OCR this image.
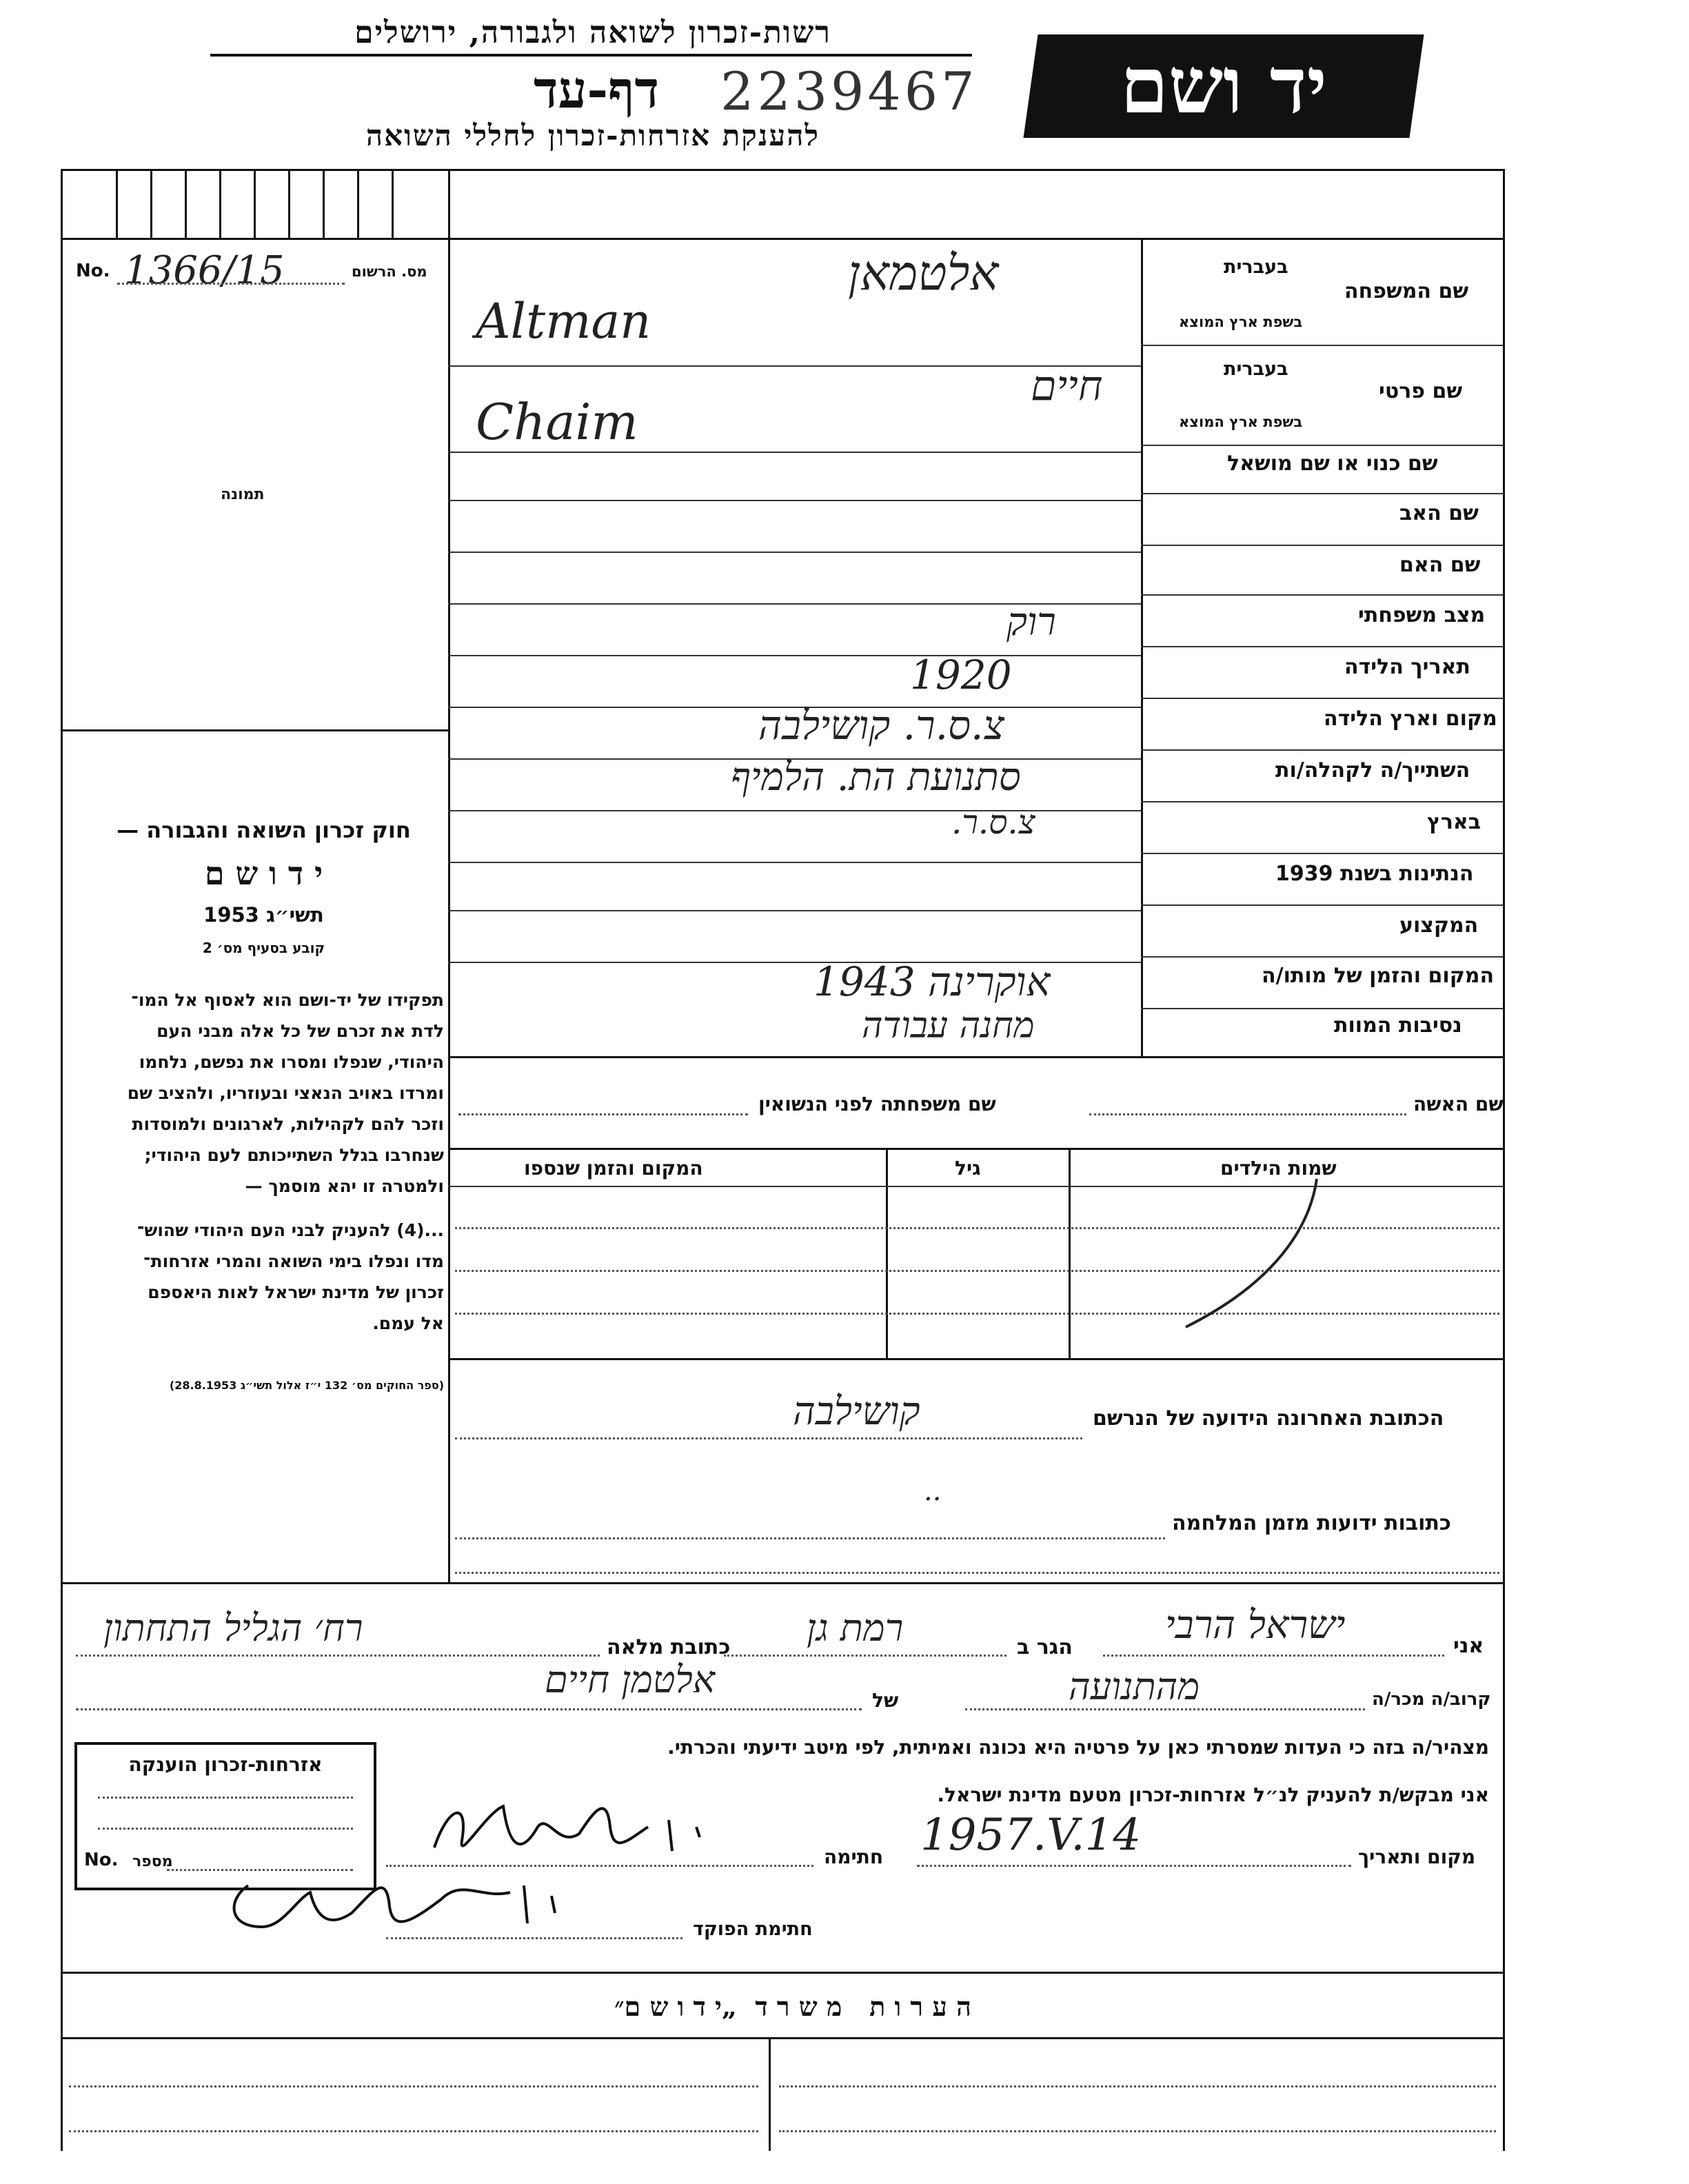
רשות-זכרון לשואה ולגבורה, ירושלים
דף-עד	2239467
להענקת אזרחות-זכרון לחללי השואה
יד ושם
No. 1366/15	מס. הרשום
תמונה
חוק זכרון השואה והגבורה —
י ד ו ש ם
תשי״ג 1953
קובע בסעיף מס׳ 2
תפקידו של יד-ושם הוא לאסוף אל המו־
לדת את זכרם של כל אלה מבני העם
היהודי, שנפלו ומסרו את נפשם, נלחמו
ומרדו באויב הנאצי ובעוזריו, ולהציב שם
וזכר להם לקהילות, לארגונים ולמוסדות
שנחרבו בגלל השתייכותם לעם היהודי;
ולמטרה זו יהא מוסמך —
...(4) להעניק לבני העם היהודי שהוש־
מדו ונפלו בימי השואה והמרי אזרחות־
זכרון של מדינת ישראל לאות היאספם
אל עמם.
(ספר החוקים מס׳ 132 י״ז אלול תשי״ג 28.8.1953)
שם המשפחה
בעברית
בשפת ארץ המוצא
אלטמאן
Altman
שם פרטי
בעברית
בשפת ארץ המוצא
חיים
Chaim
שם כנוי או שם מושאל
שם האב
שם האם
מצב משפחתי
רוק
תאריך הלידה
1920
מקום וארץ הלידה
צ.ס.ר. קושילבה
השתייך/ה לקהלה/ות
סתנועת הת. הלמיף
בארץ
צ.ס.ר.
הנתינות בשנת 1939
המקצוע
המקום והזמן של מותו/ה
אוקרינה 1943
נסיבות המוות
מחנה עבודה
שם האשה
שם משפחתה לפני הנשואין
שמות הילדים
גיל
המקום והזמן שנספו
הכתובת האחרונה הידועה של הנרשם
קושילבה
..
כתובות ידועות מזמן המלחמה
אני
ישראל הרבי
הגר ב
רמת גן
כתובת מלאה
רח׳ הגליל התחתון
קרוב/ה מכר/ה
מהתנועה
של
אלטמן חיים
מצהיר/ה בזה כי העדות שמסרתי כאן על פרטיה היא נכונה ואמיתית, לפי מיטב ידיעתי והכרתי.
אני מבקש/ת להעניק לנ״ל אזרחות-זכרון מטעם מדינת ישראל.
מקום ותאריך
1957.V.14
חתימה
חתימת הפוקד
אזרחות-זכרון הוענקה
No. מספר
ה ע ר ו ת   מ ש ר ד  „י ד ו ש ם״
